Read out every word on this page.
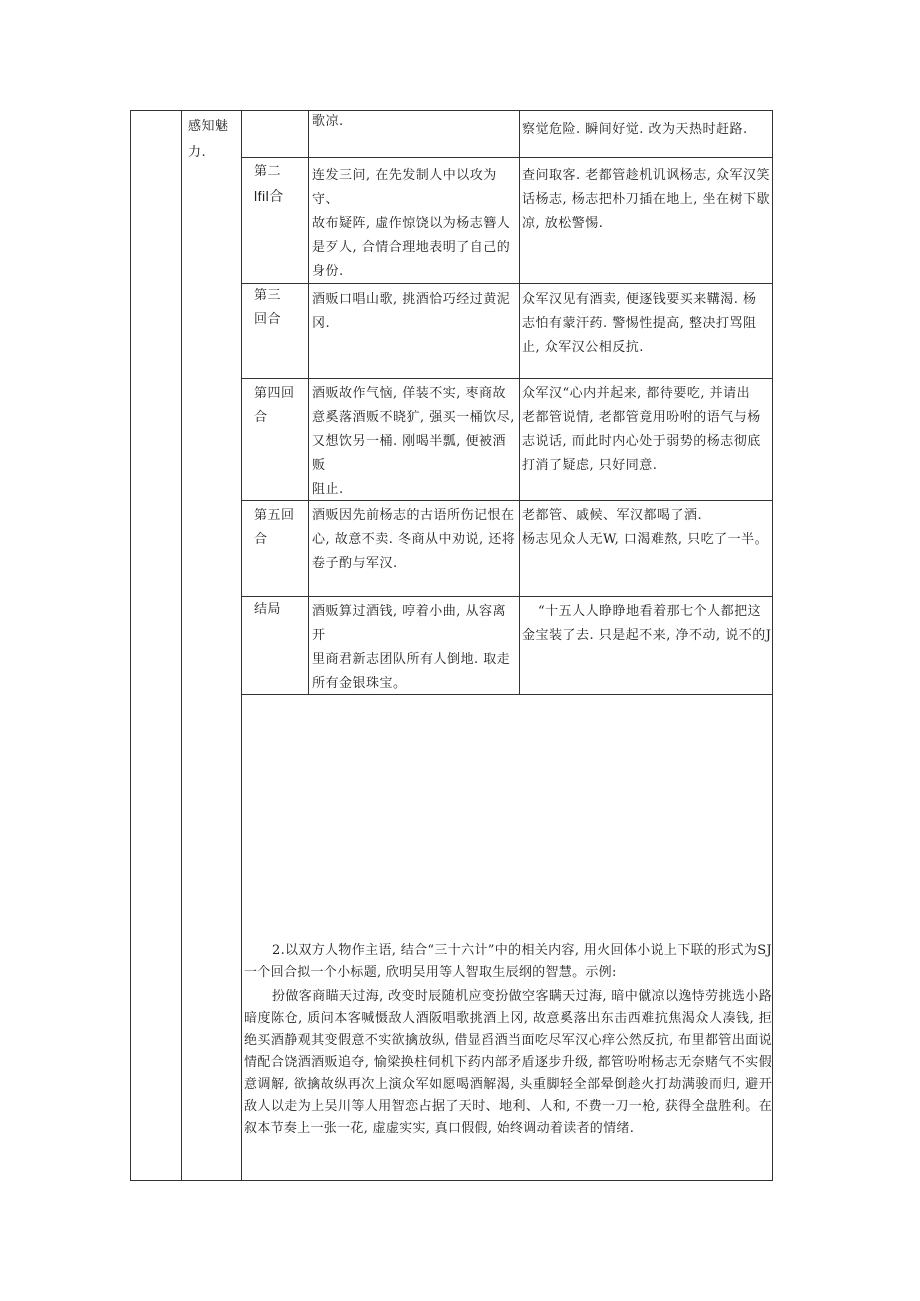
感知魅
力.
歌凉.
察觉危险. 瞬间好觉. 改为天热时赶路.
第二
lfil合
连发三问, 在先发制人中以攻为守、
故布疑阵, 虛作惊饶以为杨志簪人
是歹人, 合情合理地表明了自己的
身份.
查问取客. 老都管趁机讥讽杨志, 众军汉笑
话杨志, 杨志把朴刀插在地上, 坐在树下歇
凉, 放松警惕.
第三
回合
酒贩口唱山歌, 挑酒恰巧经过黄泥
冈.
众军汉见有酒卖, 便逐钱要买来鞲渴. 杨
志怕有蒙汗药. 警惕性提高, 整决打骂阻
止, 众军汉公相反抗.
第四回
合
酒贩故作气恼, 佯装不实, 枣商故
意奚落酒贩不晓犷, 强买一桶饮尽,
又想饮另一桶. 刚喝半瓢, 便被酒贩
阻止.
众军汉“心内并起来, 都待要吃, 并请出
老都管说情, 老都管竟用吩咐的语气与杨
志说话, 而此时内心处于弱势的杨志彻底
打消了疑虑, 只好同意.
第五回
合
酒贩因先前杨志的古语所伤记恨在
心, 故意不卖. 冬商从中劝说, 还将
卷子酌与军汉.
老都管、戚候、军汉都喝了酒.
杨志见众人无W, 口渴难熬, 只吃了一半。
结局	酒贩算过酒钱, 哼着小曲, 从容离开
里商君新志团队所有人倒地. 取走
所有金银珠宝。
“十五人人睁睁地看着那七个人都把这
金宝装了去. 只是起不来, 净不动, 说不的J
2.以双方人物作主语, 结合“三十六计”中的相关内容, 用火回体小说上下联的形式为SJ一个回合拟一个小标题, 欣明吴用等人智取生辰纲的智慧。示例:
扮做客商瞄天过海, 改变时辰随机应变扮做空客瞒天过海, 暗中僦凉以逸恃劳挑选小路暗度陈仓, 质问本客喊慑敌人酒阪唱歌挑酒上冈, 故意奚落出东击西难抗焦渴众人凑钱, 拒绝买酒静观其变假意不实欲擒放纵, 借显舀酒当面吃尽军汉心痒公然反抗, 布里都管出面说情配合饶酒酒贩追夺, 愉梁换柱伺机下药内部矛盾逐步升级, 都管吩咐杨志无奈赌气不实假意调解, 欲擒故纵再次上演众军如愿喝酒解渴, 头重脚轻全部晕倒趁火打劫满骏而归, 避开敌人以走为上吴川等人用智恋占据了天时、地利、人和, 不费一刀一枪, 获得全盘胜利。在叙本节奏上一张一花, 虚虚实实, 真口假假, 始终调动着读者的情绪.
